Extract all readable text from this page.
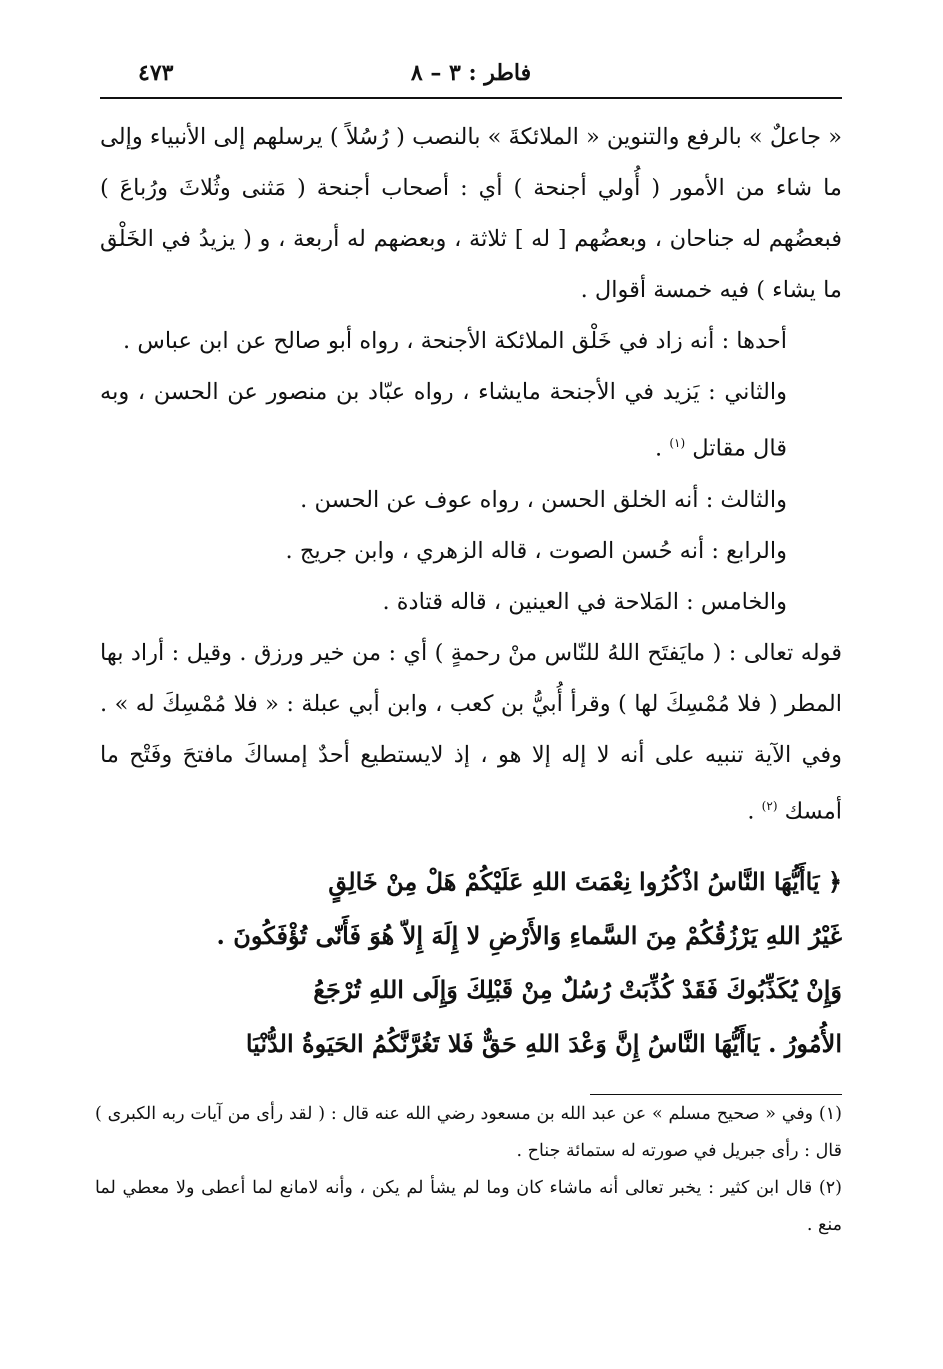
فاطر : ٣ – ٨
٤٧٣

« جاعلٌ » بالرفع والتنوين « الملائكةَ » بالنصب ( رُسُلاً ) يرسلهم إلى الأنبياء وإلى ما شاء من الأمور ( أُولي أجنحة ) أي : أصحاب أجنحة ( مَثنى وثُلاثَ ورُباعَ ) فبعضُهم له جناحان ، وبعضُهم [ له ] ثلاثة ، وبعضهم له أربعة ، و ( يزيدُ في الخَلْق ما يشاء ) فيه خمسة أقوال .

أحدها : أنه زاد في خَلْق الملائكة الأجنحة ، رواه أبو صالح عن ابن عباس .

والثاني : يَزيد في الأجنحة مايشاء ، رواه عبّاد بن منصور عن الحسن ، وبه قال مقاتل $^{(١)}$ .

والثالث : أنه الخلق الحسن ، رواه عوف عن الحسن .

والرابع : أنه حُسن الصوت ، قاله الزهري ، وابن جريج .

والخامس : المَلاحة في العينين ، قاله قتادة .

قوله تعالى : ( مايَفتَح اللهُ للنّاس منْ رحمةٍ ) أي : من خير ورزق . وقيل : أراد بها المطر ( فلا مُمْسِكَ لها ) وقرأ أُبيُّ بن كعب ، وابن أبي عبلة : « فلا مُمْسِكَ له » . وفي الآية تنبيه على أنه لا إله إلا هو ، إذ لايستطيع أحدٌ إمساكَ مافتحَ وفَتْح ما أمسك $^{(٢)}$ .

﴿ يَاأَيُّهَا النَّاسُ اذْكُرُوا نِعْمَتَ اللهِ عَلَيْكُمْ هَلْ مِنْ خَالِقٍ

غَيْرُ اللهِ يَرْزُقُكُمْ مِنَ السَّماءِ وَالأَرْضِ لا إِلَهَ إِلاّ هُوَ فَأَنّى تُؤْفَكُونَ .

وَإِنْ يُكَذِّبُوكَ فَقَدْ كُذِّبَتْ رُسُلٌ مِنْ قَبْلِكَ وَإِلَى اللهِ تُرْجَعُ

الأُمُورُ . يَاأَيُّهَا النَّاسُ إِنَّ وَعْدَ اللهِ حَقٌّ فَلا تَغُرَّنَّكُمُ الحَيَوةُ الدُّنْيَا

(١) وفي « صحيح مسلم » عن عبد الله بن مسعود رضي الله عنه قال : ( لقد رأى من آيات ربه الكبرى ) قال : رأى جبريل في صورته له ستمائة جناح .

(٢) قال ابن كثير : يخبر تعالى أنه ماشاء كان وما لم يشأ لم يكن ، وأنه لامانع لما أعطى ولا معطي لما منع .
